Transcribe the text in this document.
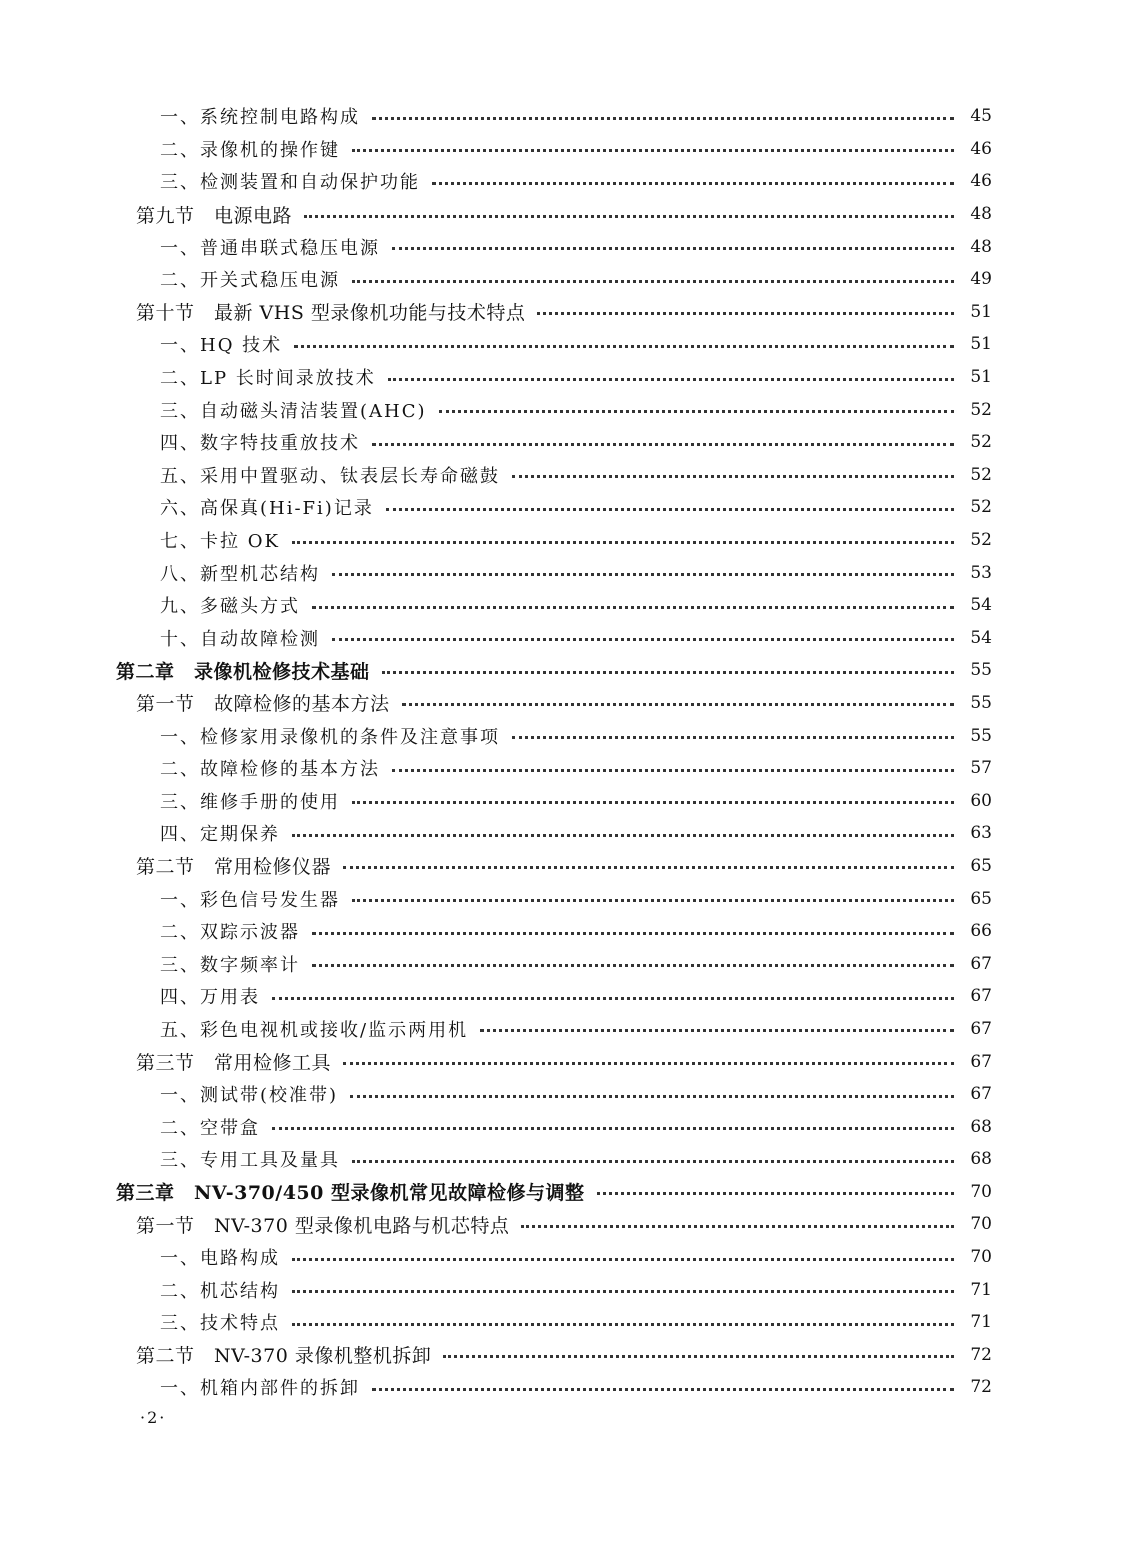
一、系统控制电路构成	45
二、录像机的操作键	46
三、检测装置和自动保护功能	46
第九节　电源电路	48
一、普通串联式稳压电源	48
二、开关式稳压电源	49
第十节　最新 VHS 型录像机功能与技术特点	51
一、HQ 技术	51
二、LP 长时间录放技术	51
三、自动磁头清洁装置(AHC)	52
四、数字特技重放技术	52
五、采用中置驱动、钛表层长寿命磁鼓	52
六、高保真(Hi-Fi)记录	52
七、卡拉 OK	52
八、新型机芯结构	53
九、多磁头方式	54
十、自动故障检测	54
第二章　录像机检修技术基础	55
第一节　故障检修的基本方法	55
一、检修家用录像机的条件及注意事项	55
二、故障检修的基本方法	57
三、维修手册的使用	60
四、定期保养	63
第二节　常用检修仪器	65
一、彩色信号发生器	65
二、双踪示波器	66
三、数字频率计	67
四、万用表	67
五、彩色电视机或接收/监示两用机	67
第三节　常用检修工具	67
一、测试带(校准带)	67
二、空带盒	68
三、专用工具及量具	68
第三章　NV-370/450 型录像机常见故障检修与调整	70
第一节　NV-370 型录像机电路与机芯特点	70
一、电路构成	70
二、机芯结构	71
三、技术特点	71
第二节　NV-370 录像机整机拆卸	72
一、机箱内部件的拆卸	72
·2·
